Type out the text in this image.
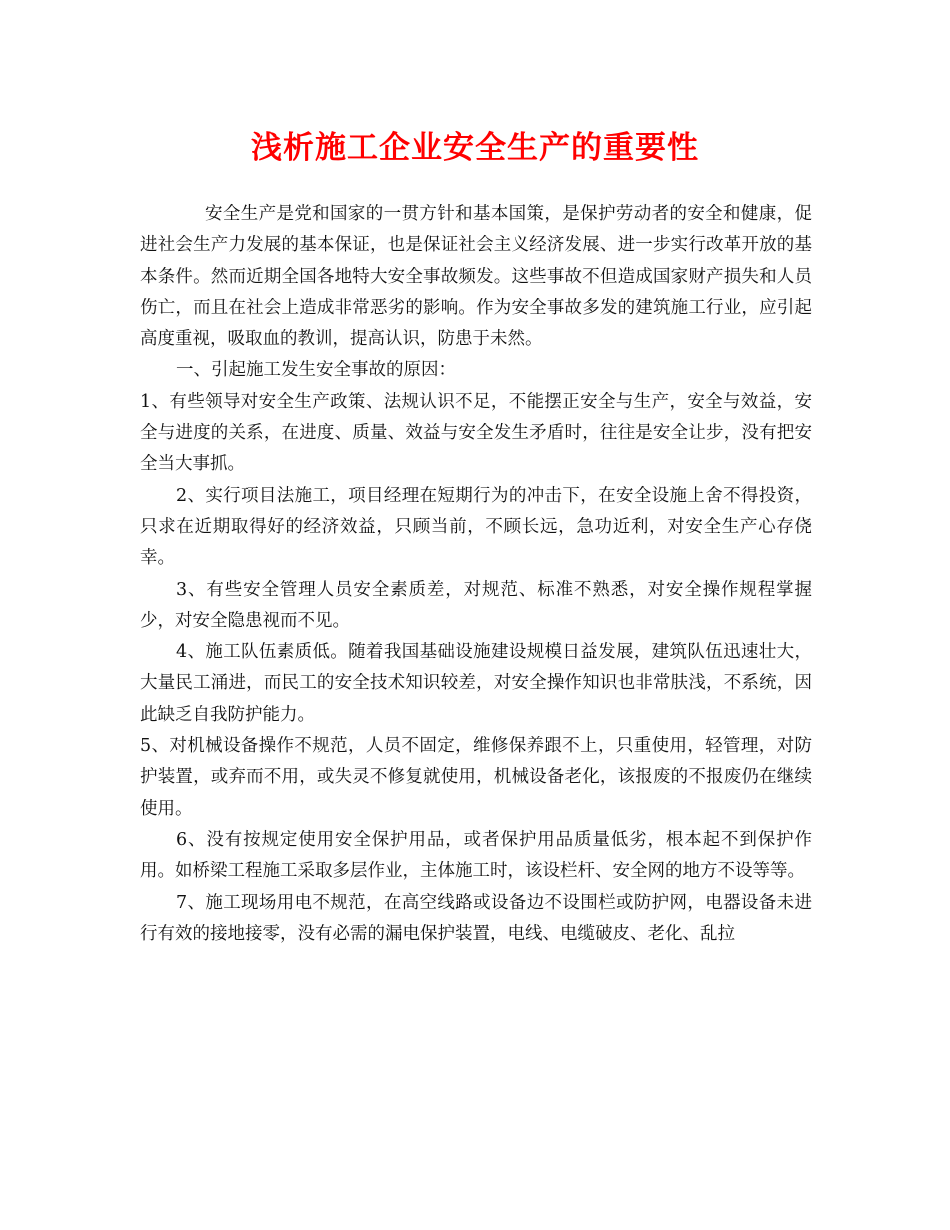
浅析施工企业安全生产的重要性

安全生产是党和国家的一贯方针和基本国策，是保护劳动者的安全和健康，促进社会生产力发展的基本保证，也是保证社会主义经济发展、进一步实行改革开放的基本条件。然而近期全国各地特大安全事故频发。这些事故不但造成国家财产损失和人员伤亡，而且在社会上造成非常恶劣的影响。作为安全事故多发的建筑施工行业，应引起高度重视，吸取血的教训，提高认识，防患于未然。

一、引起施工发生安全事故的原因：

1、有些领导对安全生产政策、法规认识不足，不能摆正安全与生产，安全与效益，安全与进度的关系，在进度、质量、效益与安全发生矛盾时，往往是安全让步，没有把安全当大事抓。

2、实行项目法施工，项目经理在短期行为的冲击下，在安全设施上舍不得投资，只求在近期取得好的经济效益，只顾当前，不顾长远，急功近利，对安全生产心存侥幸。

3、有些安全管理人员安全素质差，对规范、标准不熟悉，对安全操作规程掌握少，对安全隐患视而不见。

4、施工队伍素质低。随着我国基础设施建设规模日益发展，建筑队伍迅速壮大，大量民工涌进，而民工的安全技术知识较差，对安全操作知识也非常肤浅，不系统，因此缺乏自我防护能力。

5、对机械设备操作不规范，人员不固定，维修保养跟不上，只重使用，轻管理，对防护装置，或弃而不用，或失灵不修复就使用，机械设备老化，该报废的不报废仍在继续使用。

6、没有按规定使用安全保护用品，或者保护用品质量低劣，根本起不到保护作用。如桥梁工程施工采取多层作业，主体施工时，该设栏杆、安全网的地方不设等等。

7、施工现场用电不规范，在高空线路或设备边不设围栏或防护网，电器设备未进行有效的接地接零，没有必需的漏电保护装置，电线、电缆破皮、老化、乱拉
